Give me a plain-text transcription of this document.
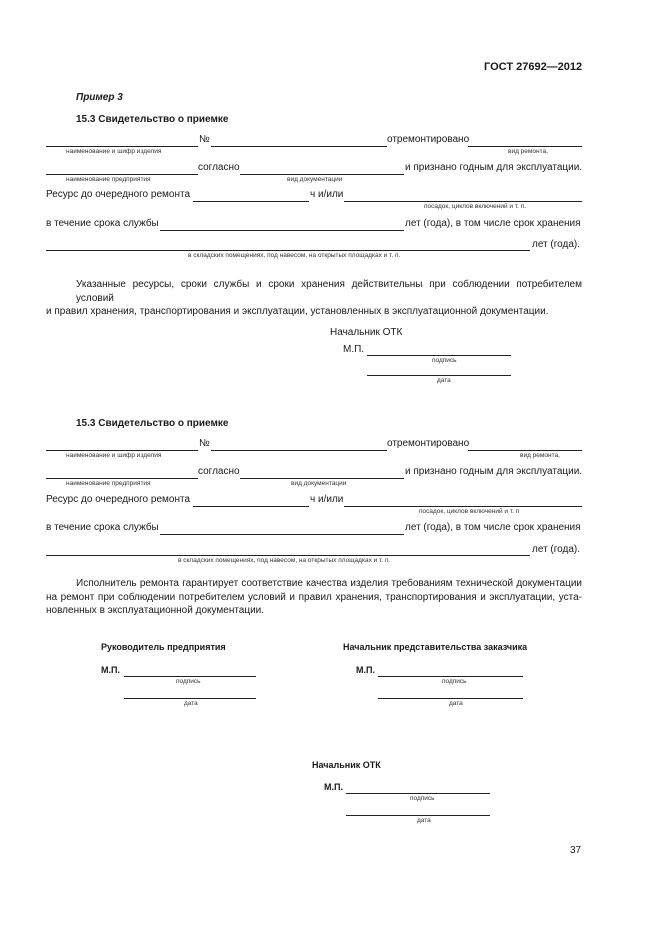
ГОСТ 27692—2012
Пример 3
15.3 Свидетельство о приемке
№	отремонтировано
наименование и шифр изделия	вид ремонта,
согласно	и признано годным для эксплуатации.
наименование предприятия	вид документации
Ресурс до очередного ремонта	ч и/или
посадок, циклов включений и т. п.
в течение срока службы	лет (года), в том числе срок хранения
лет (года).
в складских помещениях, под навесом, на открытых площадках и т. п.
Указанные ресурсы, сроки службы и сроки хранения действительны при соблюдении потребителем условий
и правил хранения, транспортирования и эксплуатации, установленных в эксплуатационной документации.
Начальник ОТК
М.П.
подпись
дата
15.3 Свидетельство о приемке
№	отремонтировано
наименование и шифр изделия	вид ремонта,
согласно	и признано годным для эксплуатации.
наименование предприятия	вид документации
Ресурс до очередного ремонта	ч и/или
посадок, циклов включений и т. п
в течение срока службы	лет (года), в том числе срок хранения
лет (года).
в складских помещениях, под навесом, на открытых площадках и т. п.
Исполнитель ремонта гарантирует соответствие качества изделия требованиям технической документации
на ремонт при соблюдении потребителем условий и правил хранения, транспортирования и эксплуатации, уста-
новленных в эксплуатационной документации.
Руководитель предприятия
М.П.
подпись
дата
Начальник представительства заказчика
М.П.
подпись
дата
Начальник ОТК
М.П.
подпись
дата
37
